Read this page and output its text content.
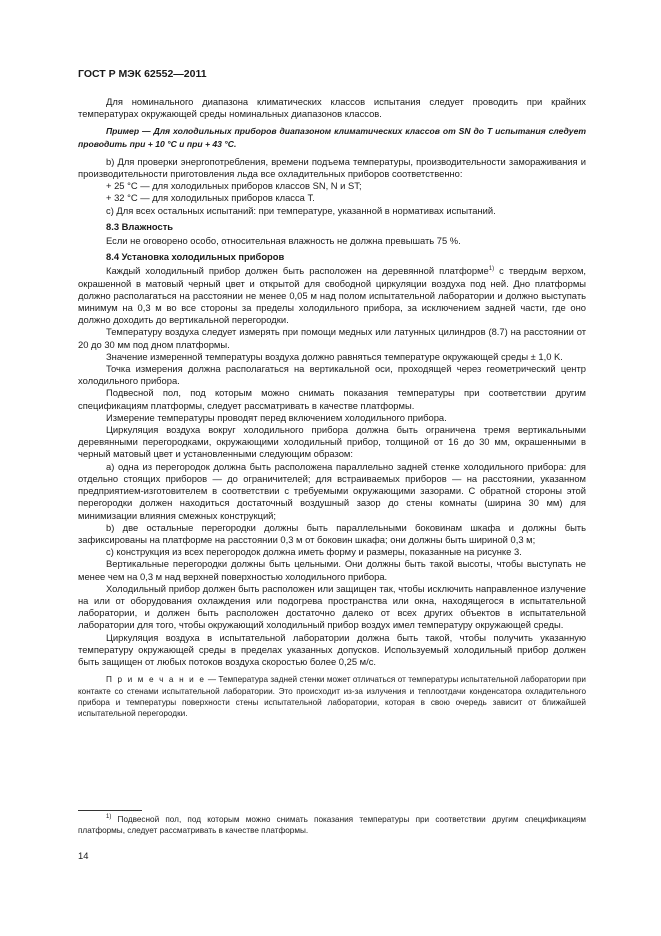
ГОСТ Р МЭК 62552—2011

Для номинального диапазона климатических классов испытания следует проводить при крайних температурах окружающей среды номинальных диапазонов классов.

Пример — Для холодильных приборов диапазоном климатических классов от SN до T испытания следует проводить при + 10 °C и при + 43 °C.

b) Для проверки энергопотребления, времени подъема температуры, производительности замораживания и производительности приготовления льда все охладительных приборов соответственно:

+ 25 °C — для холодильных приборов классов SN, N и ST;

+ 32 °C — для холодильных приборов класса T.

c) Для всех остальных испытаний: при температуре, указанной в нормативах испытаний.

8.3 Влажность

Если не оговорено особо, относительная влажность не должна превышать 75 %.

8.4 Установка холодильных приборов

Каждый холодильный прибор должен быть расположен на деревянной платформе$^{1)}$ с твердым верхом, окрашенной в матовый черный цвет и открытой для свободной циркуляции воздуха под ней. Дно платформы должно располагаться на расстоянии не менее 0,05 м над полом испытательной лаборатории и должно выступать минимум на 0,3 м во все стороны за пределы холодильного прибора, за исключением задней части, где оно должно доходить до вертикальной перегородки.

Температуру воздуха следует измерять при помощи медных или латунных цилиндров (8.7) на расстоянии от 20 до 30 мм под дном платформы.

Значение измеренной температуры воздуха должно равняться температуре окружающей среды ± 1,0 K.

Точка измерения должна располагаться на вертикальной оси, проходящей через геометрический центр холодильного прибора.

Подвесной пол, под которым можно снимать показания температуры при соответствии другим спецификациям платформы, следует рассматривать в качестве платформы.

Измерение температуры проводят перед включением холодильного прибора.

Циркуляция воздуха вокруг холодильного прибора должна быть ограничена тремя вертикальными деревянными перегородками, окружающими холодильный прибор, толщиной от 16 до 30 мм, окрашенными в черный матовый цвет и установленными следующим образом:

a) одна из перегородок должна быть расположена параллельно задней стенке холодильного прибора: для отдельно стоящих приборов — до ограничителей; для встраиваемых приборов — на расстоянии, указанном предприятием-изготовителем в соответствии с требуемыми окружающими зазорами. С обратной стороны этой перегородки должен находиться достаточный воздушный зазор до стены комнаты (ширина 30 мм) для минимизации влияния смежных конструкций;

b) две остальные перегородки должны быть параллельными боковинам шкафа и должны быть зафиксированы на платформе на расстоянии 0,3 м от боковин шкафа; они должны быть шириной 0,3 м;

c) конструкция из всех перегородок должна иметь форму и размеры, показанные на рисунке 3.

Вертикальные перегородки должны быть цельными. Они должны быть такой высоты, чтобы выступать не менее чем на 0,3 м над верхней поверхностью холодильного прибора.

Холодильный прибор должен быть расположен или защищен так, чтобы исключить направленное излучение на или от оборудования охлаждения или подогрева пространства или окна, находящегося в испытательной лаборатории, и должен быть расположен достаточно далеко от всех других объектов в испытательной лаборатории для того, чтобы окружающий холодильный прибор воздух имел температуру окружающей среды.

Циркуляция воздуха в испытательной лаборатории должна быть такой, чтобы получить указанную температуру окружающей среды в пределах указанных допусков. Используемый холодильный прибор должен быть защищен от любых потоков воздуха скоростью более 0,25 м/с.

П р и м е ч а н и е — Температура задней стенки может отличаться от температуры испытательной лаборатории при контакте со стенами испытательной лаборатории. Это происходит из-за излучения и теплоотдачи конденсатора охладительного прибора и температуры поверхности стены испытательной лаборатории, которая в свою очередь зависит от ближайшей испытательной перегородки.

$^{1)}$ Подвесной пол, под которым можно снимать показания температуры при соответствии другим спецификациям платформы, следует рассматривать в качестве платформы.
14
